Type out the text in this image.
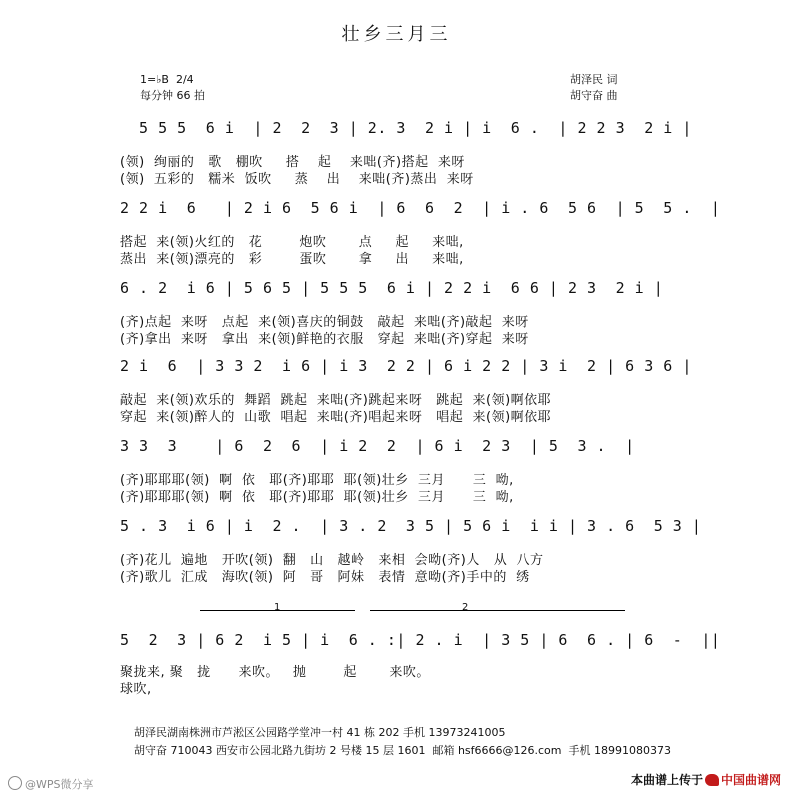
壮乡三月三
1=♭B  2/4
每分钟 66 拍
胡泽民 词
胡守奋 曲
5 5 5  6 i  | 2  2  3 | 2. 3  2 i | i  6 .  | 2 2 3  2 i |
(领)  绚丽的   歌   棚吹     搭    起    来咄(齐)搭起  来呀
(领)  五彩的   糯米  饭吹     蒸    出    来咄(齐)蒸出  来呀
2 2 i  6   | 2 i 6  5 6 i  | 6  6  2  | i . 6  5 6  | 5  5 .  |
搭起  来(领)火红的   花        炮吹       点     起     来咄,
蒸出  来(领)漂亮的   彩        蛋吹       拿     出     来咄,
6 . 2  i 6 | 5 6 5 | 5 5 5  6 i | 2 2 i  6 6 | 2 3  2 i |
(齐)点起  来呀   点起  来(领)喜庆的铜鼓   敲起  来咄(齐)敲起  来呀
(齐)拿出  来呀   拿出  来(领)鲜艳的衣服   穿起  来咄(齐)穿起  来呀
2 i  6  | 3 3 2  i 6 | i 3  2 2 | 6 i 2 2 | 3 i  2 | 6 3 6 |
敲起  来(领)欢乐的  舞蹈  跳起  来咄(齐)跳起来呀   跳起  来(领)啊依耶
穿起  来(领)醉人的  山歌  唱起  来咄(齐)唱起来呀   唱起  来(领)啊依耶
3 3  3    | 6  2  6  | i 2  2  | 6 i  2 3  | 5  3 .  |
(齐)耶耶耶(领)  啊  依   耶(齐)耶耶  耶(领)壮乡  三月      三  呦,
(齐)耶耶耶(领)  啊  依   耶(齐)耶耶  耶(领)壮乡  三月      三  呦,
5 . 3  i 6 | i  2 .  | 3 . 2  3 5 | 5 6 i  i i | 3 . 6  5 3 |
(齐)花儿  遍地   开吹(领)  翻   山   越岭   来相  会呦(齐)人   从  八方
(齐)歌儿  汇成   海吹(领)  阿   哥   阿妹   表情  意呦(齐)手中的  绣
1	2
5  2  3 | 6 2  i 5 | i  6 . :| 2 . i  | 3 5 | 6  6 . | 6  -  ||
聚拢来, 聚   拢      来吹。   抛        起       来吹。
球吹,
胡泽民湖南株洲市芦淞区公园路学堂冲一村 41 栋 202 手机 13973241005
胡守奋 710043 西安市公园北路九街坊 2 号楼 15 层 1601  邮箱 hsf6666@126.com  手机 18991080373
@WPS微分享	本曲谱上传于 中国曲谱网
